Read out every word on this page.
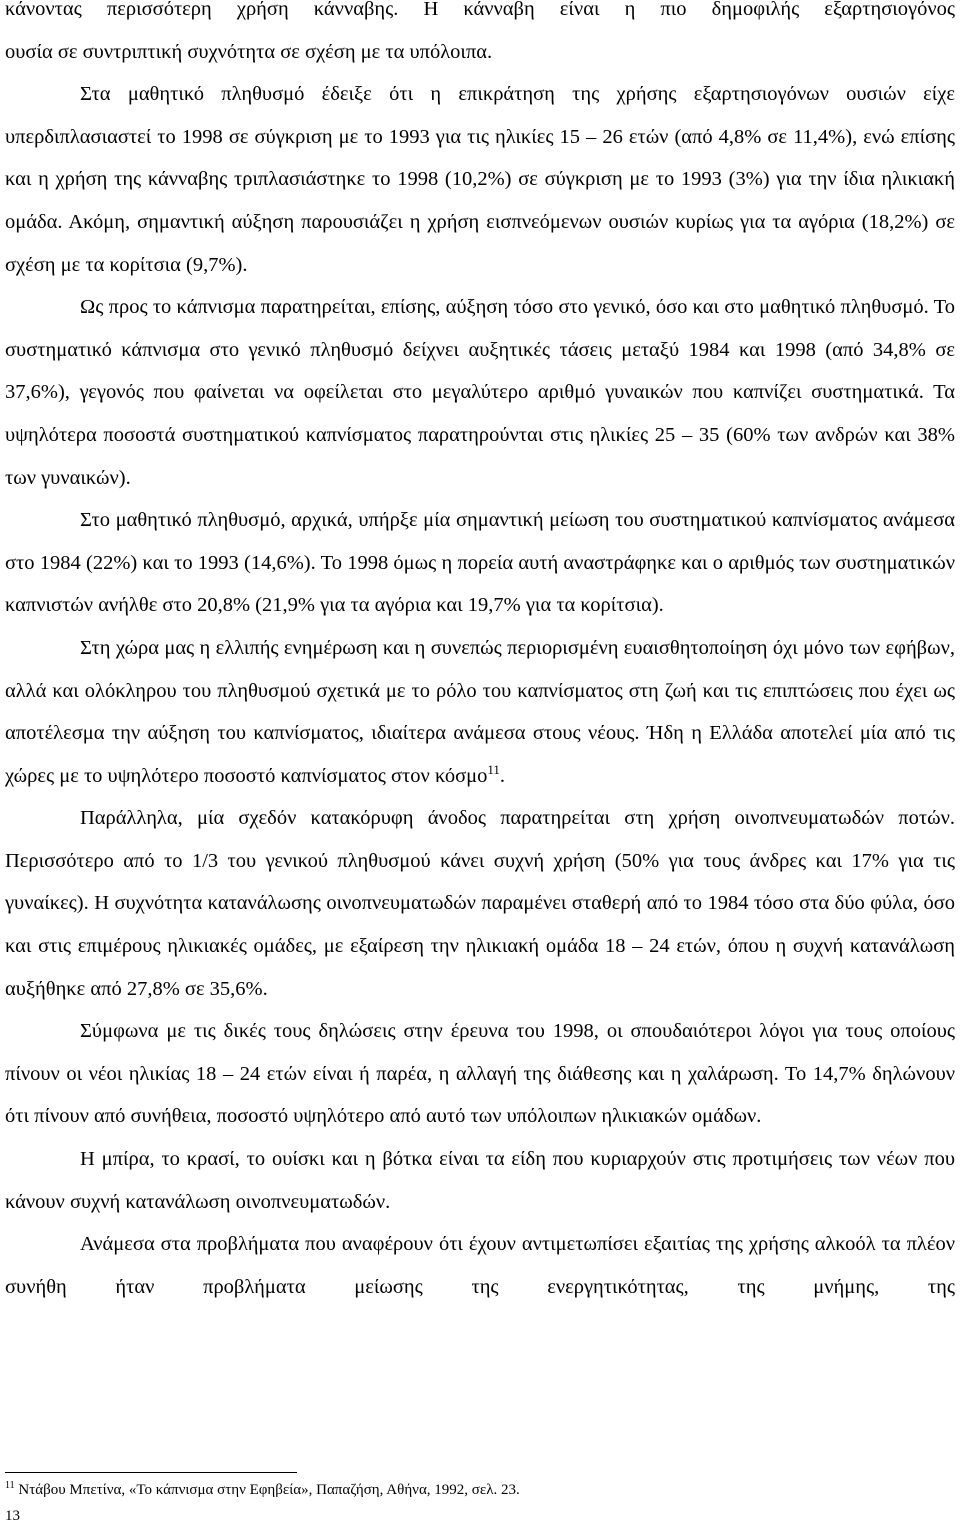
κάνοντας περισσότερη χρήση κάνναβης. Η κάνναβη είναι η πιο δημοφιλής εξαρτησιογόνος
ουσία σε συντριπτική συχνότητα σε σχέση με τα υπόλοιπα.

Στα μαθητικό πληθυσμό έδειξε ότι η επικράτηση της χρήσης εξαρτησιογόνων ουσιών είχε υπερδιπλασιαστεί το 1998 σε σύγκριση με το 1993 για τις ηλικίες 15 – 26 ετών (από 4,8% σε 11,4%), ενώ επίσης και η χρήση της κάνναβης τριπλασιάστηκε το 1998 (10,2%) σε σύγκριση με το 1993 (3%) για την ίδια ηλικιακή ομάδα. Ακόμη, σημαντική αύξηση παρουσιάζει η χρήση εισπνεόμενων ουσιών κυρίως για τα αγόρια (18,2%) σε σχέση με τα κορίτσια (9,7%).

Ως προς το κάπνισμα παρατηρείται, επίσης, αύξηση τόσο στο γενικό, όσο και στο μαθητικό πληθυσμό. Το συστηματικό κάπνισμα στο γενικό πληθυσμό δείχνει αυξητικές τάσεις μεταξύ 1984 και 1998 (από 34,8% σε 37,6%), γεγονός που φαίνεται να οφείλεται στο μεγαλύτερο αριθμό γυναικών που καπνίζει συστηματικά. Τα υψηλότερα ποσοστά συστηματικού καπνίσματος παρατηρούνται στις ηλικίες 25 – 35 (60% των ανδρών και 38% των γυναικών).

Στο μαθητικό πληθυσμό, αρχικά, υπήρξε μία σημαντική μείωση του συστηματικού καπνίσματος ανάμεσα στο 1984 (22%) και το 1993 (14,6%). Το 1998 όμως η πορεία αυτή αναστράφηκε και ο αριθμός των συστηματικών καπνιστών ανήλθε στο 20,8% (21,9% για τα αγόρια και 19,7% για τα κορίτσια).

Στη χώρα μας η ελλιπής ενημέρωση και η συνεπώς περιορισμένη ευαισθητοποίηση όχι μόνο των εφήβων, αλλά και ολόκληρου του πληθυσμού σχετικά με το ρόλο του καπνίσματος στη ζωή και τις επιπτώσεις που έχει ως αποτέλεσμα την αύξηση του καπνίσματος, ιδιαίτερα ανάμεσα στους νέους. Ήδη η Ελλάδα αποτελεί μία από τις χώρες με το υψηλότερο ποσοστό καπνίσματος στον κόσμο$^{11}$.

Παράλληλα, μία σχεδόν κατακόρυφη άνοδος παρατηρείται στη χρήση οινοπνευματωδών ποτών. Περισσότερο από το 1/3 του γενικού πληθυσμού κάνει συχνή χρήση (50% για τους άνδρες και 17% για τις γυναίκες). Η συχνότητα κατανάλωσης οινοπνευματωδών παραμένει σταθερή από το 1984 τόσο στα δύο φύλα, όσο και στις επιμέρους ηλικιακές ομάδες, με εξαίρεση την ηλικιακή ομάδα 18 – 24 ετών, όπου η συχνή κατανάλωση αυξήθηκε από 27,8% σε 35,6%.

Σύμφωνα με τις δικές τους δηλώσεις στην έρευνα του 1998, οι σπουδαιότεροι λόγοι για τους οποίους πίνουν οι νέοι ηλικίας 18 – 24 ετών είναι ή παρέα, η αλλαγή της διάθεσης και η χαλάρωση. Το 14,7% δηλώνουν ότι πίνουν από συνήθεια, ποσοστό υψηλότερο από αυτό των υπόλοιπων ηλικιακών ομάδων.

Η μπίρα, το κρασί, το ουίσκι και η βότκα είναι τα είδη που κυριαρχούν στις προτιμήσεις των νέων που κάνουν συχνή κατανάλωση οινοπνευματωδών.

Ανάμεσα στα προβλήματα που αναφέρουν ότι έχουν αντιμετωπίσει εξαιτίας της χρήσης αλκοόλ τα πλέον συνήθη ήταν προβλήματα μείωσης της ενεργητικότητας, της μνήμης, της

$^{11}$ Ντάβου Μπετίνα, «Το κάπνισμα στην Εφηβεία», Παπαζήση, Αθήνα, 1992, σελ. 23.
13
